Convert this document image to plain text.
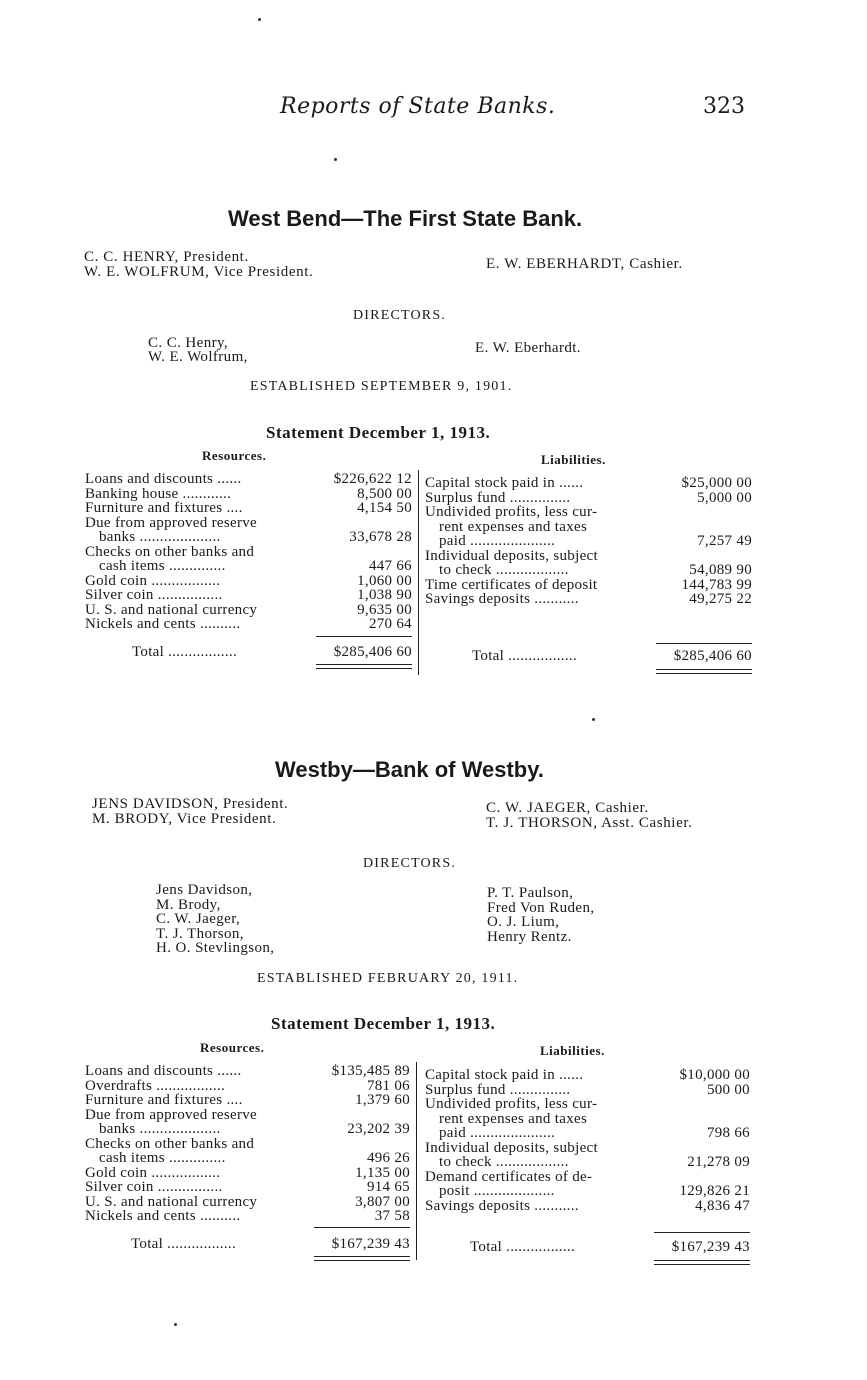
Reports of State Banks.	323
West Bend—The First State Bank.
C. C. HENRY, President.
W. E. WOLFRUM, Vice President.	E. W. EBERHARDT, Cashier.
DIRECTORS.
C. C. Henry,
W. E. Wolfrum,
E. W. Eberhardt.
ESTABLISHED SEPTEMBER 9, 1901.
Statement December 1, 1913.
Resources.	Liabilities.
Loans and discounts ......	$226,622 12
Banking house ............	8,500 00
Furniture and fixtures ....	4,154 50
Due from approved reserve
banks ....................	33,678 28
Checks on other banks and
cash items ..............	447 66
Gold coin .................	1,060 00
Silver coin ................	1,038 90
U. S. and national currency	9,635 00
Nickels and cents ..........	270 64
Total .................	$285,406 60
Capital stock paid in ......	$25,000 00
Surplus fund ...............	5,000 00
Undivided profits, less cur-
rent expenses and taxes
paid .....................	7,257 49
Individual deposits, subject
to check ..................	54,089 90
Time certificates of deposit	144,783 99
Savings deposits ...........	49,275 22
Total .................	$285,406 60
Westby—Bank of Westby.
JENS DAVIDSON, President.
M. BRODY, Vice President.
C. W. JAEGER, Cashier.
T. J. THORSON, Asst. Cashier.
DIRECTORS.
Jens Davidson,
M. Brody,
C. W. Jaeger,
T. J. Thorson,
H. O. Stevlingson,
P. T. Paulson,
Fred Von Ruden,
O. J. Lium,
Henry Rentz.
ESTABLISHED FEBRUARY 20, 1911.
Statement December 1, 1913.
Resources.	Liabilities.
Loans and discounts ......	$135,485 89
Overdrafts .................	781 06
Furniture and fixtures ....	1,379 60
Due from approved reserve
banks ....................	23,202 39
Checks on other banks and
cash items ..............	496 26
Gold coin .................	1,135 00
Silver coin ................	914 65
U. S. and national currency	3,807 00
Nickels and cents ..........	37 58
Total .................	$167,239 43
Capital stock paid in ......	$10,000 00
Surplus fund ...............	500 00
Undivided profits, less cur-
rent expenses and taxes
paid .....................	798 66
Individual deposits, subject
to check ..................	21,278 09
Demand certificates of de-
posit ....................	129,826 21
Savings deposits ...........	4,836 47
Total .................	$167,239 43
